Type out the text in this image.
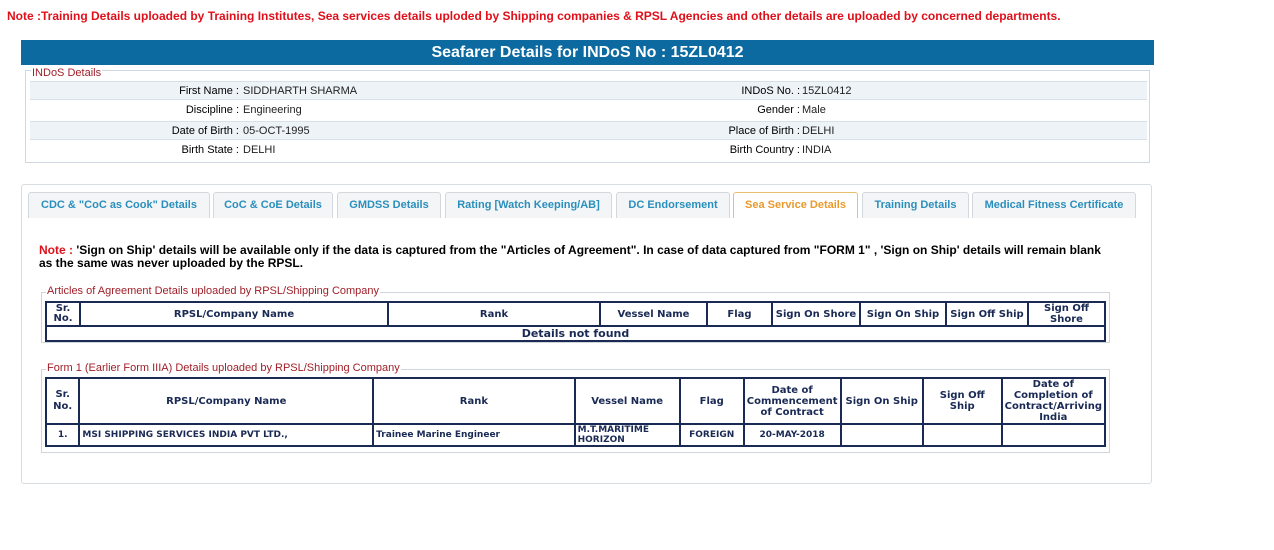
Note :Training Details uploaded by Training Institutes, Sea services details uploded by Shipping companies & RPSL Agencies and other details are uploaded by concerned departments.
Seafarer Details for INDoS No : 15ZL0412
INDoS Details
First Name : SIDDHARTH SHARMA	INDoS No. : 15ZL0412
Discipline : Engineering	Gender : Male
Date of Birth : 05-OCT-1995	Place of Birth : DELHI
Birth State : DELHI	Birth Country : INDIA
CDC & "CoC as Cook" Details	CoC & CoE Details	GMDSS Details	Rating [Watch Keeping/AB]	DC Endorsement	Sea Service Details	Training Details	Medical Fitness Certificate
Note : 'Sign on Ship' details will be available only if the data is captured from the "Articles of Agreement". In case of data captured from "FORM 1" , 'Sign on Ship' details will remain blank as the same was never uploaded by the RPSL.
Articles of Agreement Details uploaded by RPSL/Shipping Company
Sr. No.	RPSL/Company Name	Rank	Vessel Name	Flag	Sign On Shore	Sign On Ship	Sign Off Ship	Sign Off Shore
Details not found
Form 1 (Earlier Form IIIA) Details uploaded by RPSL/Shipping Company
Sr. No.	RPSL/Company Name	Rank	Vessel Name	Flag	Date of Commencement of Contract	Sign On Ship	Sign Off Ship	Date of Completion of Contract/Arriving India
1.	MSI SHIPPING SERVICES INDIA PVT LTD.,	Trainee Marine Engineer	M.T.MARITIME HORIZON	FOREIGN	20-MAY-2018			
